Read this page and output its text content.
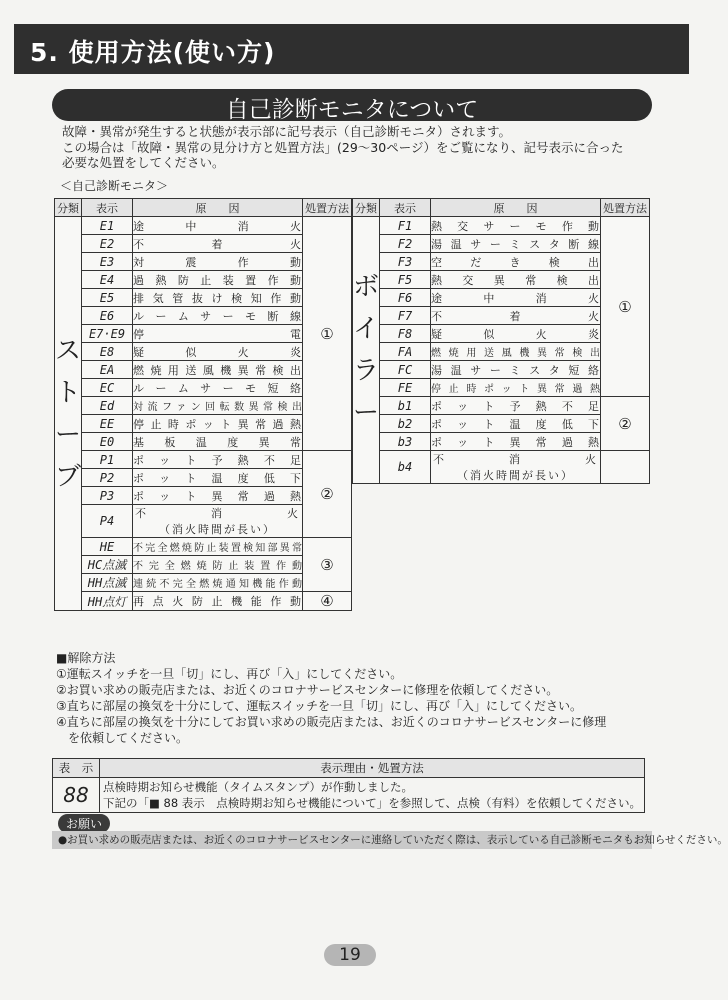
5. 使用方法(使い方)
自己診断モニタについて
故障・異常が発生すると状態が表示部に記号表示（自己診断モニタ）されます。
この場合は「故障・異常の見分け方と処置方法」(29～30ページ）をご覧になり、記号表示に合った
必要な処置をしてください。
＜自己診断モニタ＞
分類	表示	原　　因	処置方法

ス
ト
ー
ブ	E1	途中消火	①
	E2	不着火	
	E3	対震作動	
	E4	過熱防止装置作動	
	E5	排気管抜け検知作動	
	E6	ルームサーモ断線	
	E7·E9	停電	
	E8	疑似火炎	
	EA	燃焼用送風機異常検出	
	EC	ルームサーモ短絡	
	Ed	対流ファン回転数異常検出	
	EE	停止時ポット異常過熱	
	E0	基板温度異常	
	P1	ポット予熱不足	②
	P2	ポット温度低下	
	P3	ポット異常過熱	
	P4	不消火
（消火時間が長い）	

	HE	不完全燃焼防止装置検知部異常	③
	HC点滅	不完全燃焼防止装置作動	
	HH点滅	連続不完全燃焼通知機能作動	
	HH点灯	再点火防止機能作動	④
分類	表示	原　　因	処置方法

ボ
イ
ラ
ー	F1	熱交サーモ作動	①
	F2	湯温サーミスタ断線	
	F3	空だき検出	
	F5	熱交異常検出	
	F6	途中消火	
	F7	不着火	
	F8	疑似火炎	
	FA	燃焼用送風機異常検出	
	FC	湯温サーミスタ短絡	
	FE	停止時ポット異常過熱	
	b1	ポット予熱不足	②
	b2	ポット温度低下	
	b3	ポット異常過熱	
	b4	不消火
（消火時間が長い）	

■解除方法
①運転スイッチを一旦「切」にし、再び「入」にしてください。
②お買い求めの販売店または、お近くのコロナサービスセンターに修理を依頼してください。
③直ちに部屋の換気を十分にして、運転スイッチを一旦「切」にし、再び「入」にしてください。
④直ちに部屋の換気を十分にしてお買い求めの販売店または、お近くのコロナサービスセンターに修理
　を依頼してください。
表　示	表示理由・処置方法
88	点検時期お知らせ機能（タイムスタンプ）が作動しました。
下記の「■ 88 表示　点検時期お知らせ機能について」を参照して、点検（有料）を依頼してください。
お願い
●お買い求めの販売店または、お近くのコロナサービスセンターに連絡していただく際は、表示している自己診断モニタもお知らせください。
19
